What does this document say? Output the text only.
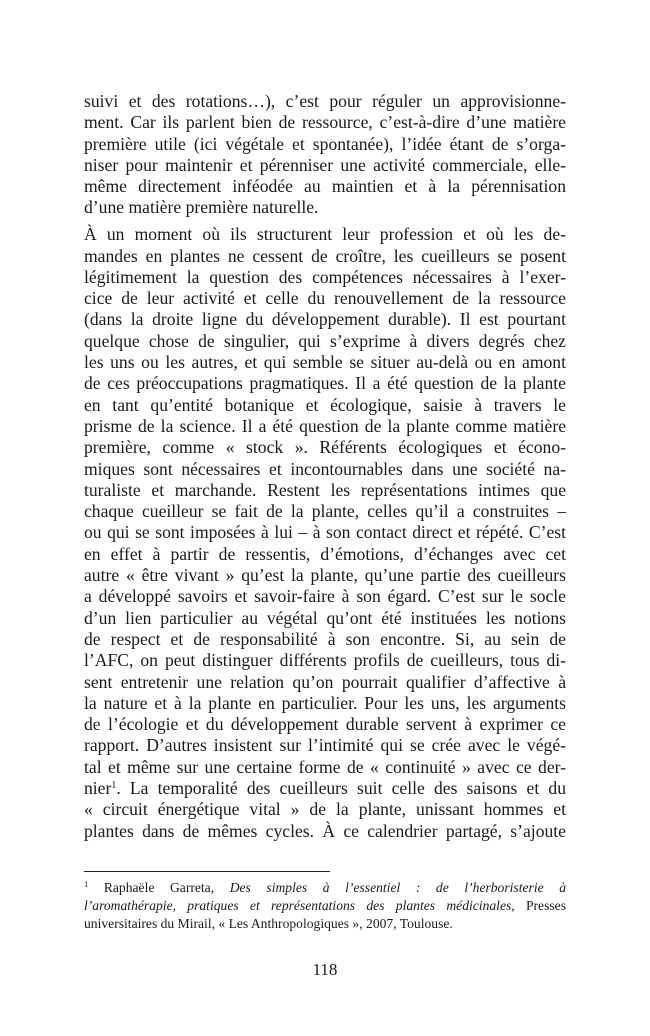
suivi et des rotations…), c’est pour réguler un approvisionne-
ment. Car ils parlent bien de ressource, c’est-à-dire d’une matière
première utile (ici végétale et spontanée), l’idée étant de s’orga-
niser pour maintenir et pérenniser une activité commerciale, elle-
même directement inféodée au maintien et à la pérennisation
d’une matière première naturelle.
À un moment où ils structurent leur profession et où les de-
mandes en plantes ne cessent de croître, les cueilleurs se posent
légitimement la question des compétences nécessaires à l’exer-
cice de leur activité et celle du renouvellement de la ressource
(dans la droite ligne du développement durable). Il est pourtant
quelque chose de singulier, qui s’exprime à divers degrés chez
les uns ou les autres, et qui semble se situer au-delà ou en amont
de ces préoccupations pragmatiques. Il a été question de la plante
en tant qu’entité botanique et écologique, saisie à travers le
prisme de la science. Il a été question de la plante comme matière
première, comme « stock ». Référents écologiques et écono-
miques sont nécessaires et incontournables dans une société na-
turaliste et marchande. Restent les représentations intimes que
chaque cueilleur se fait de la plante, celles qu’il a construites –
ou qui se sont imposées à lui – à son contact direct et répété. C’est
en effet à partir de ressentis, d’émotions, d’échanges avec cet
autre « être vivant » qu’est la plante, qu’une partie des cueilleurs
a développé savoirs et savoir-faire à son égard. C’est sur le socle
d’un lien particulier au végétal qu’ont été instituées les notions
de respect et de responsabilité à son encontre. Si, au sein de
l’AFC, on peut distinguer différents profils de cueilleurs, tous di-
sent entretenir une relation qu’on pourrait qualifier d’affective à
la nature et à la plante en particulier. Pour les uns, les arguments
de l’écologie et du développement durable servent à exprimer ce
rapport. D’autres insistent sur l’intimité qui se crée avec le végé-
tal et même sur une certaine forme de « continuité » avec ce der-
nier$^1$. La temporalité des cueilleurs suit celle des saisons et du
« circuit énergétique vital » de la plante, unissant hommes et
plantes dans de mêmes cycles. À ce calendrier partagé, s’ajoute
$^1$ Raphaële Garreta, Des simples à l’essentiel : de l’herboristerie à
l’aromathérapie, pratiques et représentations des plantes médicinales, Presses
universitaires du Mirail, « Les Anthropologiques », 2007, Toulouse.
118
